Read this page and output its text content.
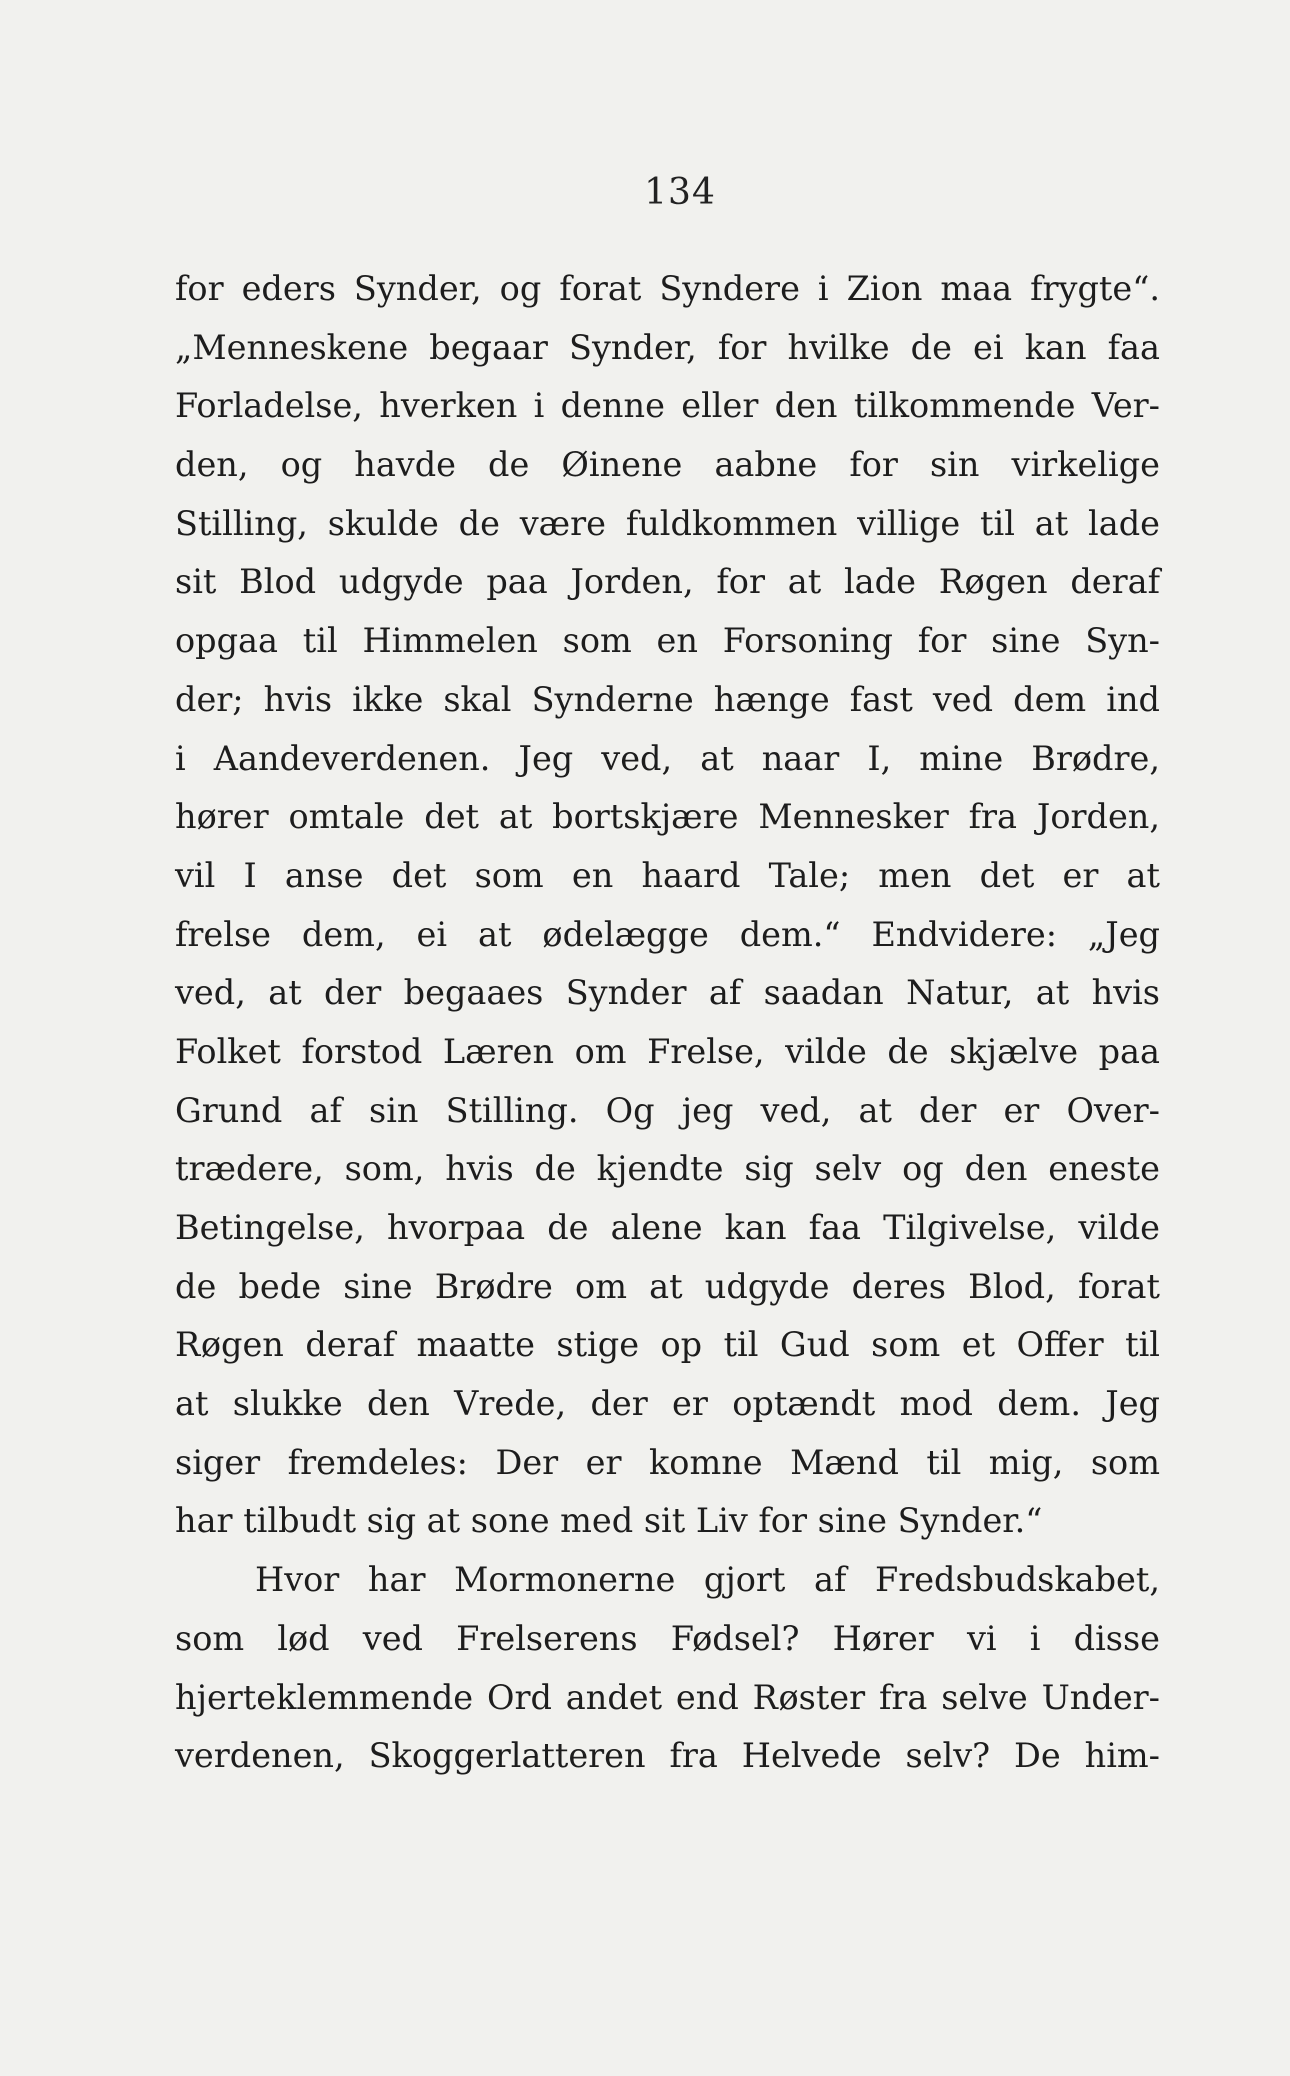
134
for eders Synder, og forat Syndere i Zion maa frygte“.
„Menneskene begaar Synder, for hvilke de ei kan faa
Forladelse, hverken i denne eller den tilkommende Ver-
den, og havde de Øinene aabne for sin virkelige
Stilling, skulde de være fuldkommen villige til at lade
sit Blod udgyde paa Jorden, for at lade Røgen deraf
opgaa til Himmelen som en Forsoning for sine Syn-
der; hvis ikke skal Synderne hænge fast ved dem ind
i Aandeverdenen. Jeg ved, at naar I, mine Brødre,
hører omtale det at bortskjære Mennesker fra Jorden,
vil I anse det som en haard Tale; men det er at
frelse dem, ei at ødelægge dem.“ Endvidere: „Jeg
ved, at der begaaes Synder af saadan Natur, at hvis
Folket forstod Læren om Frelse, vilde de skjælve paa
Grund af sin Stilling. Og jeg ved, at der er Over-
trædere, som, hvis de kjendte sig selv og den eneste
Betingelse, hvorpaa de alene kan faa Tilgivelse, vilde
de bede sine Brødre om at udgyde deres Blod, forat
Røgen deraf maatte stige op til Gud som et Offer til
at slukke den Vrede, der er optændt mod dem. Jeg
siger fremdeles: Der er komne Mænd til mig, som
har tilbudt sig at sone med sit Liv for sine Synder.“
Hvor har Mormonerne gjort af Fredsbudskabet,
som lød ved Frelserens Fødsel? Hører vi i disse
hjerteklemmende Ord andet end Røster fra selve Under-
verdenen, Skoggerlatteren fra Helvede selv? De him-
